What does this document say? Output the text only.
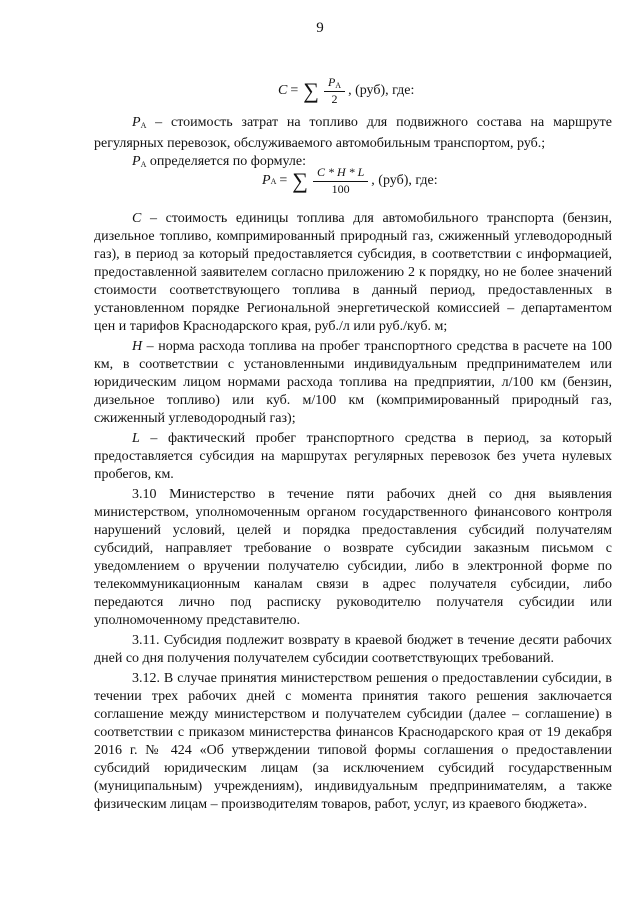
9
C = ∑ $\frac{P_A}{2}$ , (руб), где:

$P_A$ – стоимость затрат на топливо для подвижного состава на маршруте регулярных перевозок, обслуживаемого автомобильным транспортом, руб.;

$P_A$ определяется по формуле:

P A = ∑ $\frac{C * H * L}{100}$ , (руб), где:

C – стоимость единицы топлива для автомобильного транспорта (бензин, дизельное топливо, компримированный природный газ, сжиженный углеводородный газ), в период за который предоставляется субсидия, в соответствии с информацией, предоставленной заявителем согласно приложению 2 к порядку, но не более значений стоимости соответствующего топлива в данный период, предоставленных в установленном порядке Региональной энергетической комиссией – департаментом цен и тарифов Краснодарского края, руб./л или руб./куб. м;

H – норма расхода топлива на пробег транспортного средства в расчете на 100 км, в соответствии с установленными индивидуальным предпринимателем или юридическим лицом нормами расхода топлива на предприятии, л/100 км (бензин, дизельное топливо) или куб. м/100 км (компримированный природный газ, сжиженный углеводородный газ);

L – фактический пробег транспортного средства в период, за который предоставляется субсидия на маршрутах регулярных перевозок без учета нулевых пробегов, км.

3.10 Министерство в течение пяти рабочих дней со дня выявления министерством, уполномоченным органом государственного финансового контроля нарушений условий, целей и порядка предоставления субсидий получателям субсидий, направляет требование о возврате субсидии заказным письмом с уведомлением о вручении получателю субсидии, либо в электронной форме по телекоммуникационным каналам связи в адрес получателя субсидии, либо передаются лично под расписку руководителю получателя субсидии или уполномоченному представителю.

3.11. Субсидия подлежит возврату в краевой бюджет в течение десяти рабочих дней со дня получения получателем субсидии соответствующих требований.

3.12. В случае принятия министерством решения о предоставлении субсидии, в течении трех рабочих дней с момента принятия такого решения заключается соглашение между министерством и получателем субсидии (далее – соглашение) в соответствии с приказом министерства финансов Краснодарского края от 19 декабря 2016 г. № 424 «Об утверждении типовой формы соглашения о предоставлении субсидий юридическим лицам (за исключением субсидий государственным (муниципальным) учреждениям), индивидуальным предпринимателям, а также физическим лицам – производителям товаров, работ, услуг, из краевого бюджета».
